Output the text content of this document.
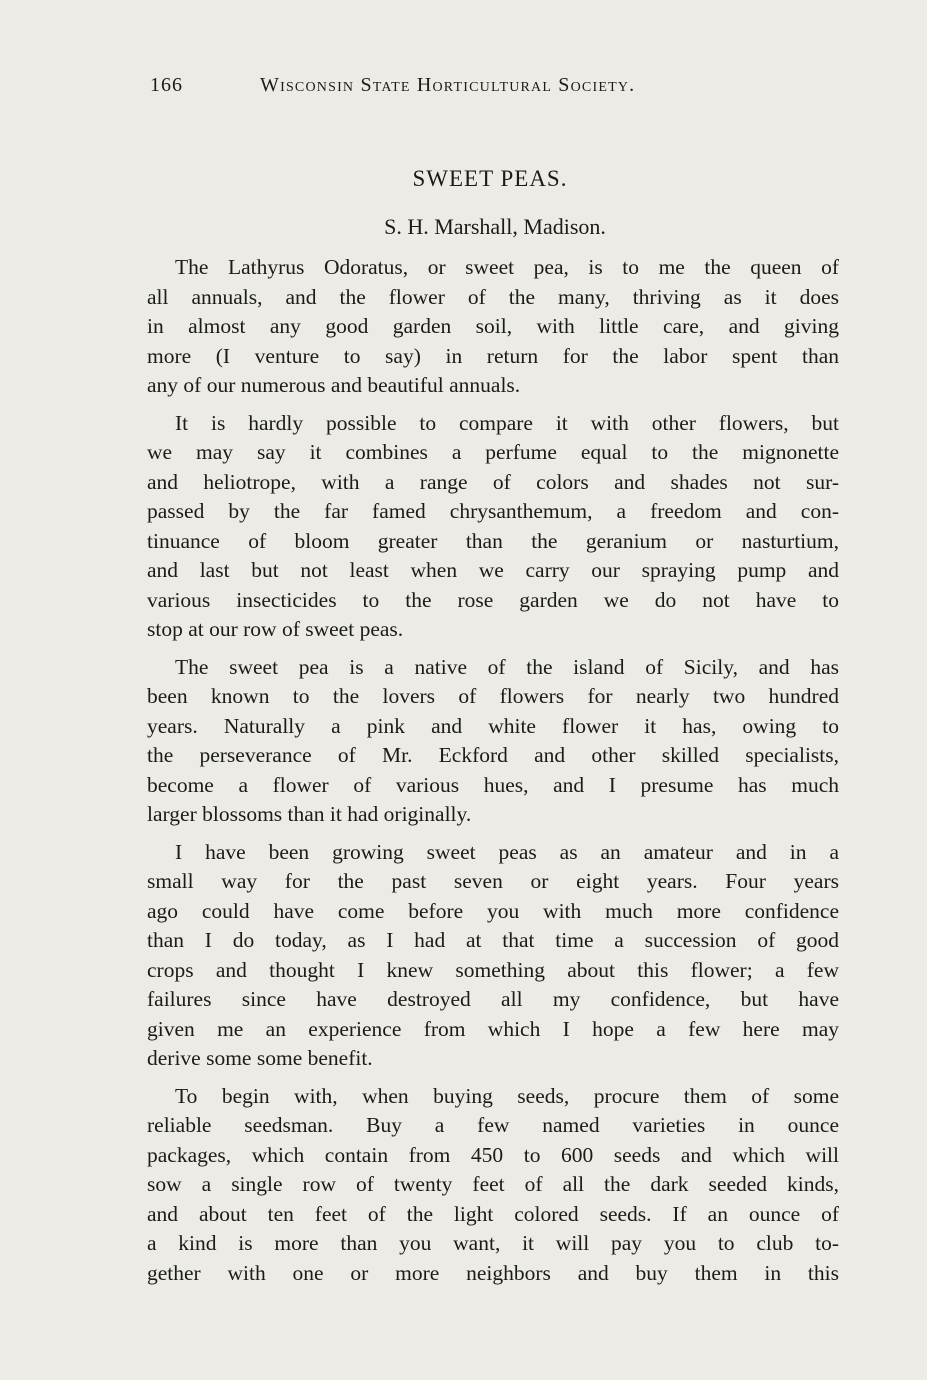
166	Wisconsin State Horticultural Society.
SWEET PEAS.
S. H. Marshall, Madison.
The Lathyrus Odoratus, or sweet pea, is to me the queen of
all annuals, and the flower of the many, thriving as it does
in almost any good garden soil, with little care, and giving
more (I venture to say) in return for the labor spent than
any of our numerous and beautiful annuals.
It is hardly possible to compare it with other flowers, but
we may say it combines a perfume equal to the mignonette
and heliotrope, with a range of colors and shades not sur-
passed by the far famed chrysanthemum, a freedom and con-
tinuance of bloom greater than the geranium or nasturtium,
and last but not least when we carry our spraying pump and
various insecticides to the rose garden we do not have to
stop at our row of sweet peas.
The sweet pea is a native of the island of Sicily, and has
been known to the lovers of flowers for nearly two hundred
years. Naturally a pink and white flower it has, owing to
the perseverance of Mr. Eckford and other skilled specialists,
become a flower of various hues, and I presume has much
larger blossoms than it had originally.
I have been growing sweet peas as an amateur and in a
small way for the past seven or eight years. Four years
ago could have come before you with much more confidence
than I do today, as I had at that time a succession of good
crops and thought I knew something about this flower; a few
failures since have destroyed all my confidence, but have
given me an experience from which I hope a few here may
derive some some benefit.
To begin with, when buying seeds, procure them of some
reliable seedsman. Buy a few named varieties in ounce
packages, which contain from 450 to 600 seeds and which will
sow a single row of twenty feet of all the dark seeded kinds,
and about ten feet of the light colored seeds. If an ounce of
a kind is more than you want, it will pay you to club to-
gether with one or more neighbors and buy them in this
